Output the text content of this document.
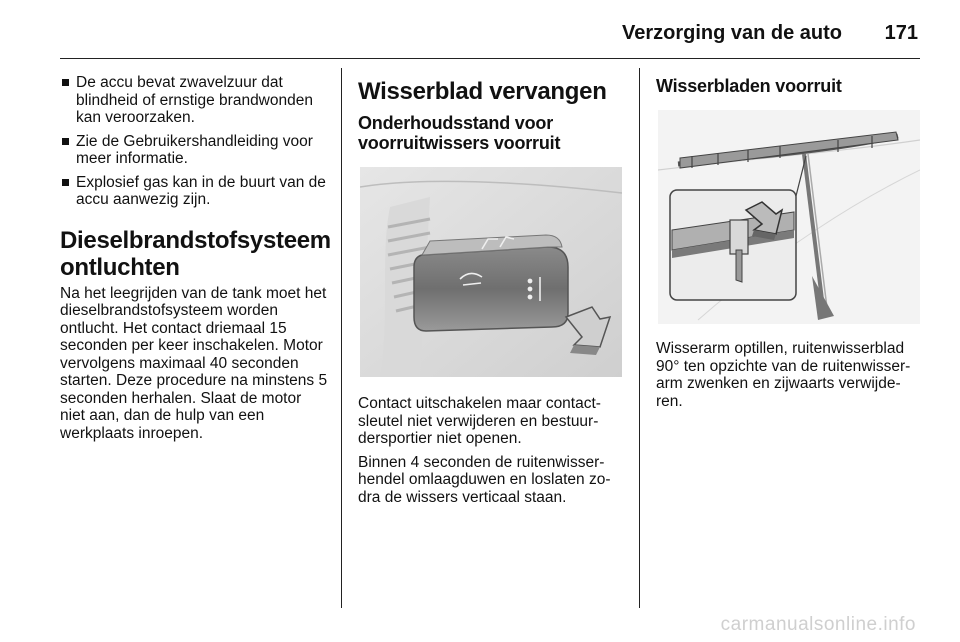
Verzorging van de auto 171
De accu bevat zwavelzuur dat blindheid of ernstige brandwonden kan veroorzaken.
Zie de Gebruikershandleiding voor meer informatie.
Explosief gas kan in de buurt van de accu aanwezig zijn.
Dieselbrandstofsysteem ontluchten
Na het leegrijden van de tank moet het dieselbrandstofsysteem worden ontlucht. Het contact driemaal 15 seconden per keer inschakelen. Motor vervolgens maximaal 40 seconden starten. Deze procedure na minstens 5 seconden herhalen. Slaat de motor niet aan, dan de hulp van een werkplaats inroepen.
Wisserblad vervangen
Onderhoudsstand voor voorruitwissers voorruit
Contact uitschakelen maar contact-sleutel niet verwijderen en bestuur-dersportier niet openen.
Binnen 4 seconden de ruitenwisser-hendel omlaagduwen en loslaten zo-dra de wissers verticaal staan.
Wisserbladen voorruit
Wisserarm optillen, ruitenwisserblad 90° ten opzichte van de ruitenwisser-arm zwenken en zijwaarts verwijde-ren.
carmanualsonline.info
